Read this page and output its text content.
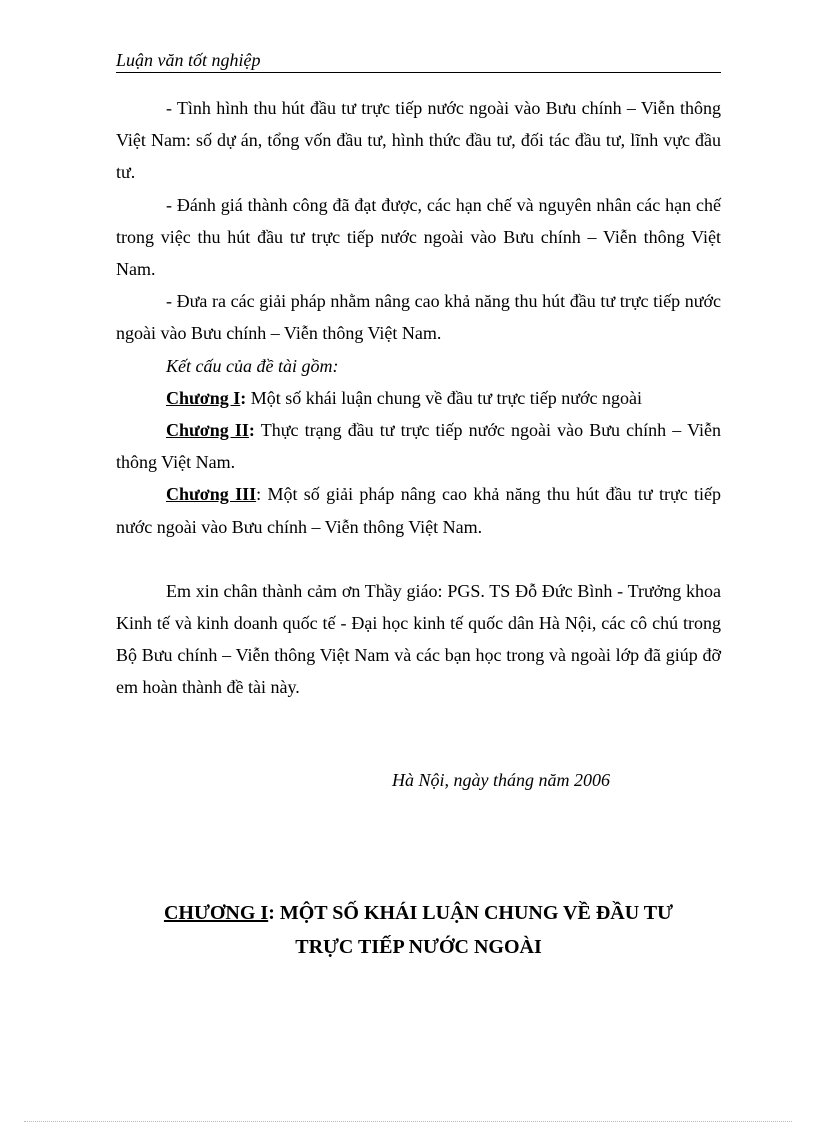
Luận văn tốt nghiệp

- Tình hình thu hút đầu tư trực tiếp nước ngoài vào Bưu chính – Viễn thông Việt Nam: số dự án, tổng vốn đầu tư, hình thức đầu tư, đối tác đầu tư, lĩnh vực đầu tư.

- Đánh giá thành công đã đạt được, các hạn chế và nguyên nhân các hạn chế trong việc thu hút đầu tư trực tiếp nước ngoài vào Bưu chính – Viễn thông Việt Nam.

- Đưa ra các giải pháp nhằm nâng cao khả năng thu hút đầu tư trực tiếp nước ngoài vào Bưu chính – Viễn thông Việt Nam.

Kết cấu của đề tài gồm:

Chương I: Một số khái luận chung về đầu tư trực tiếp nước ngoài

Chương II: Thực trạng đầu tư trực tiếp nước ngoài vào Bưu chính – Viễn thông Việt Nam.

Chương III: Một số giải pháp nâng cao khả năng thu hút đầu tư trực tiếp nước ngoài vào Bưu chính – Viễn thông Việt Nam.

Em xin chân thành cảm ơn Thầy giáo: PGS. TS Đỗ Đức Bình - Trưởng khoa Kinh tế và kinh doanh quốc tế - Đại học kinh tế quốc dân Hà Nội, các cô chú trong Bộ Bưu chính – Viễn thông Việt Nam và các bạn học trong và ngoài lớp đã giúp đỡ em hoàn thành đề tài này.

Hà Nội, ngày tháng năm 2006
CHƯƠNG I: MỘT SỐ KHÁI LUẬN CHUNG VỀ ĐẦU TƯ
TRỰC TIẾP NƯỚC NGOÀI
